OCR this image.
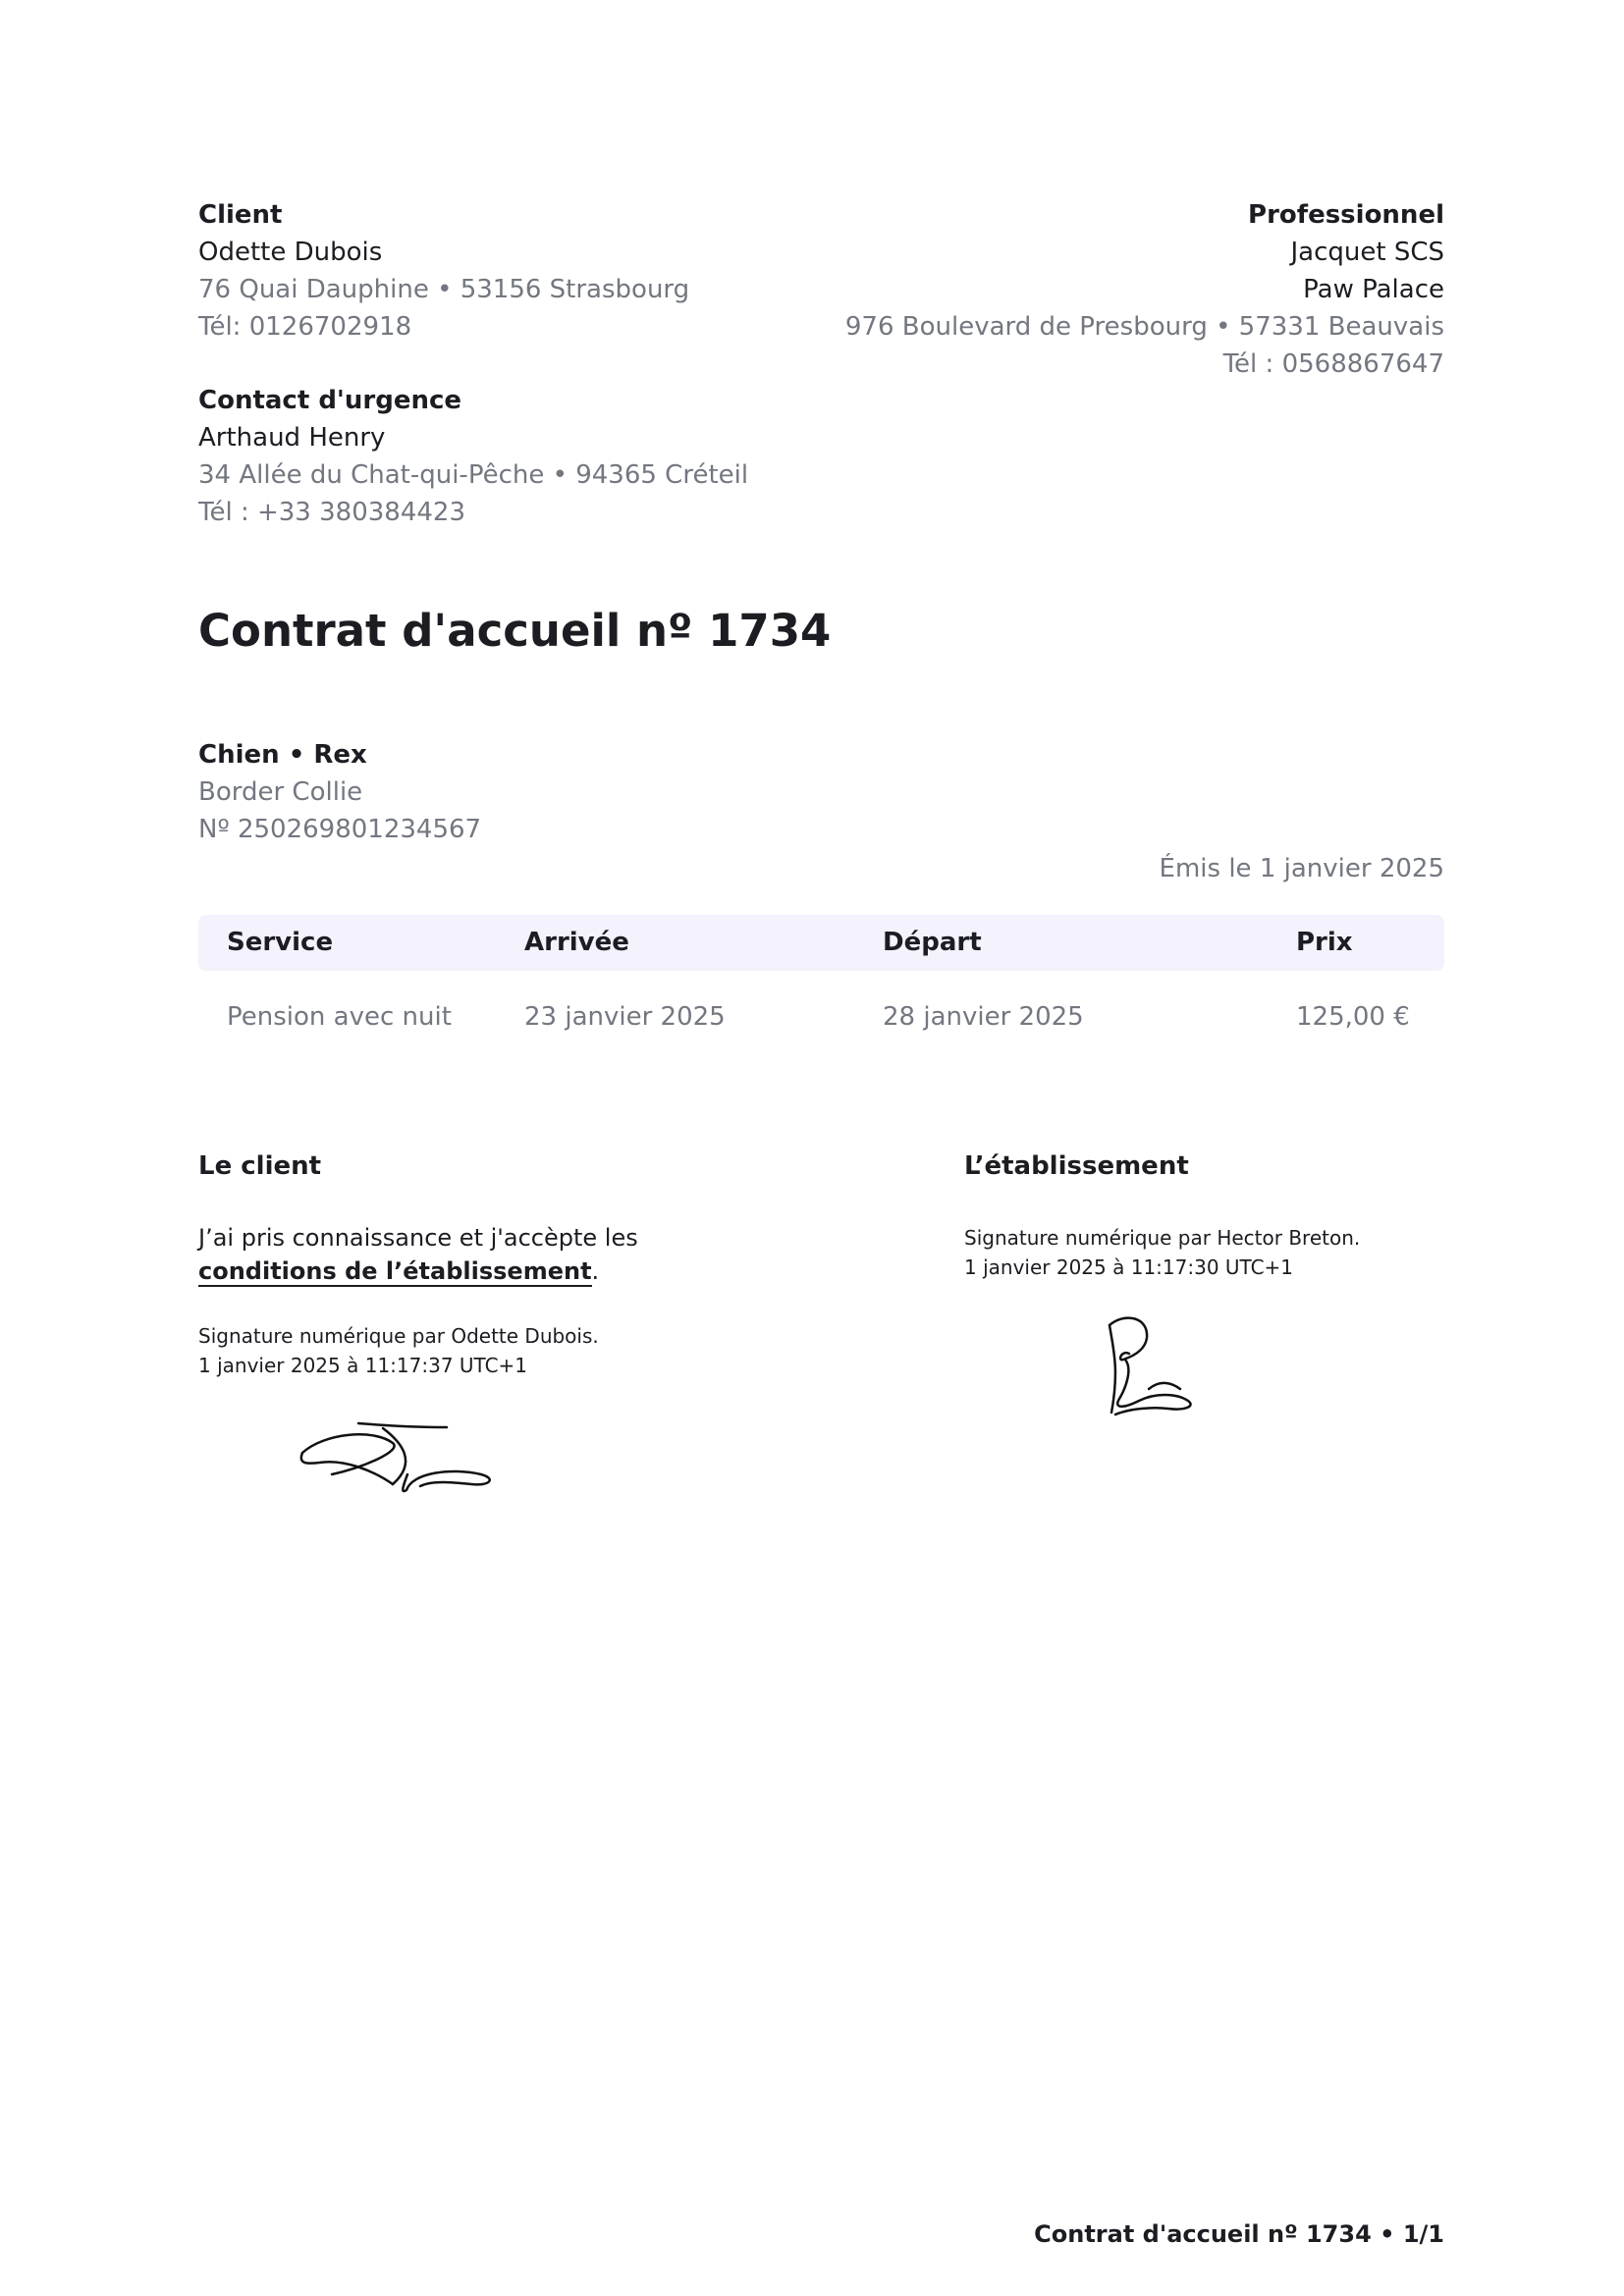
Client
Odette Dubois
76 Quai Dauphine • 53156 Strasbourg
Tél: 0126702918
Professionnel
Jacquet SCS
Paw Palace
976 Boulevard de Presbourg • 57331 Beauvais
Tél : 0568867647
Contact d'urgence
Arthaud Henry
34 Allée du Chat-qui-Pêche • 94365 Créteil
Tél : +33 380384423
Contrat d'accueil nº 1734
Chien • Rex
Border Collie
Nº 250269801234567
Émis le 1 janvier 2025
Service	Arrivée	Départ	Prix
Pension avec nuit	23 janvier 2025	28 janvier 2025	125,00 €
Le client	L’établissement
J’ai pris connaissance et j'accèpte les conditions de l’établissement.
Signature numérique par Odette Dubois.
1 janvier 2025 à 11:17:37 UTC+1
Signature numérique par Hector Breton.
1 janvier 2025 à 11:17:30 UTC+1
Contrat d'accueil nº 1734 • 1/1
